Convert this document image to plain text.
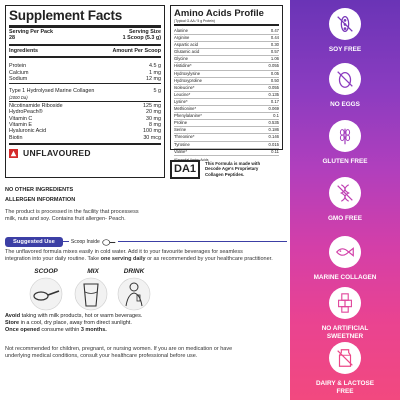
Supplement Facts
Serving Per Pack	Serving Size
28	1 Scoop (5.3 g)
Ingredients	Amount Per Scoop
Protein	4.5 g
Calcium	1 mg
Sodium	12 mg
Type 1 Hydrolysed Marine Collagen	5 g
(2000 Da)
Nicotinamide Riboside	125 mg
HydroPeach®	20 mg
Vitamin C	30 mg
Vitamin E	8 mg
Hyaluronic Acid	100 mg
Biotin	30 mcg
UNFLAVOURED
Amino Acids Profile
(Typical G.AA / 5 g Protein)
Alanine	0.47
Arginine	0.44
Aspartic acid	0.30
Glutamic acid	0.57
Glycine	1.06
Histidine*	0.055
Hydroxylysine	0.05
Hydroxyproline	0.50
Isoleucine*	0.055
Leucine*	0.135
Lysine*	0.17
Methionine*	0.069
Phenylalanine*	0.1
Proline	0.535
Serine	0.186
Threonine*	0.146
Tyrosine	0.015
Valine*	0.11
*Essential Amino Acids
DA1	This Formula is made with
Decode Age's Proprietary
Collagen Peptides.
NO OTHER INGREDIENTS
ALLERGEN INFORMATION
The product is processed in the facility that processess
milk, nuts and soy. Contains fruit allergen- Peach.
Suggested Use	Scoop Inside
The unflavored formula mixes easily in cold water. Add it to your favourite beverages for seamless
integration into your daily routine. Take one serving daily or as recommended by your healthcare practitioner.
SCOOP	MIX	DRINK
Avoid taking with milk products, hot or warm beverages.
Store in a cool, dry place, away from direct sunlight.
Once opened consume within 3 months.
Not recommended for children, pregnant, or nursing women. If you are on medication or have
underlying medical conditions, consult your healthcare professional before use.
SOY FREE
NO EGGS
GLUTEN FREE
GMO FREE
MARINE COLLAGEN
NO ARTIFICIAL
SWEETNER
DAIRY & LACTOSE
FREE
